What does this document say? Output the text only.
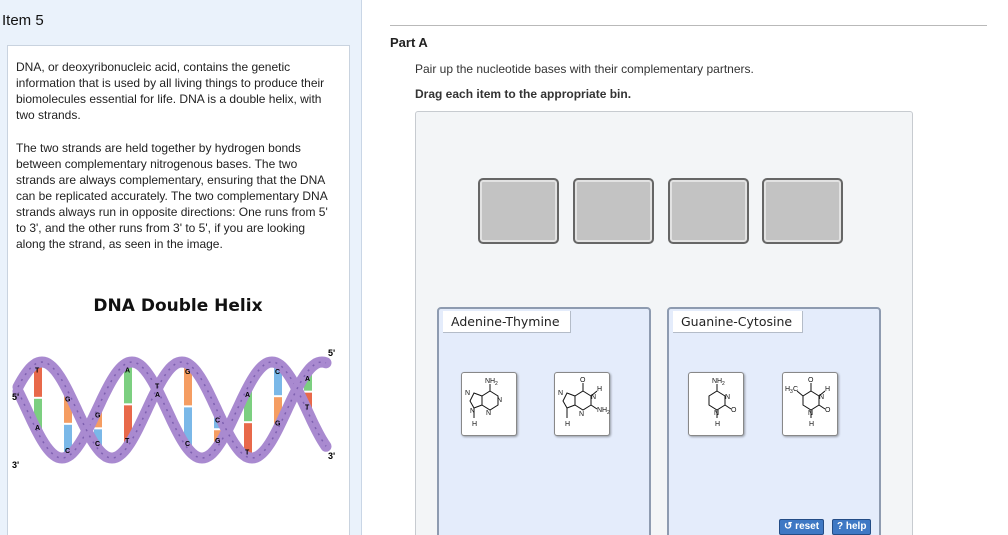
Item 5
DNA, or deoxyribonucleic acid, contains the genetic information that is used by all living things to produce their biomolecules essential for life. DNA is a double helix, with two strands.
The two strands are held together by hydrogen bonds between complementary nitrogenous bases. The two strands are always complementary, ensuring that the DNA can be replicated accurately. The two complementary DNA strands always run in opposite directions: One runs from 5' to 3', and the other runs from 3' to 5', if you are looking along the strand, as seen in the image.
DNA Double Helix
T
A
G
C
G
C
A
T
A
T
G
C
C
G
A
T
C
G
A
T
5'
3'
5'
3'
Part A
Pair up the nucleotide bases with their complementary partners.
Drag each item to the appropriate bin.
Adenine-Thymine
NH 2
N
N
N
N
H
O
H
N
NH 2
N
N
H
Guanine-Cytosine
NH 2
N
O
N
H
O
H 3 C	H
N
O
N
H
↺ reset	? help
